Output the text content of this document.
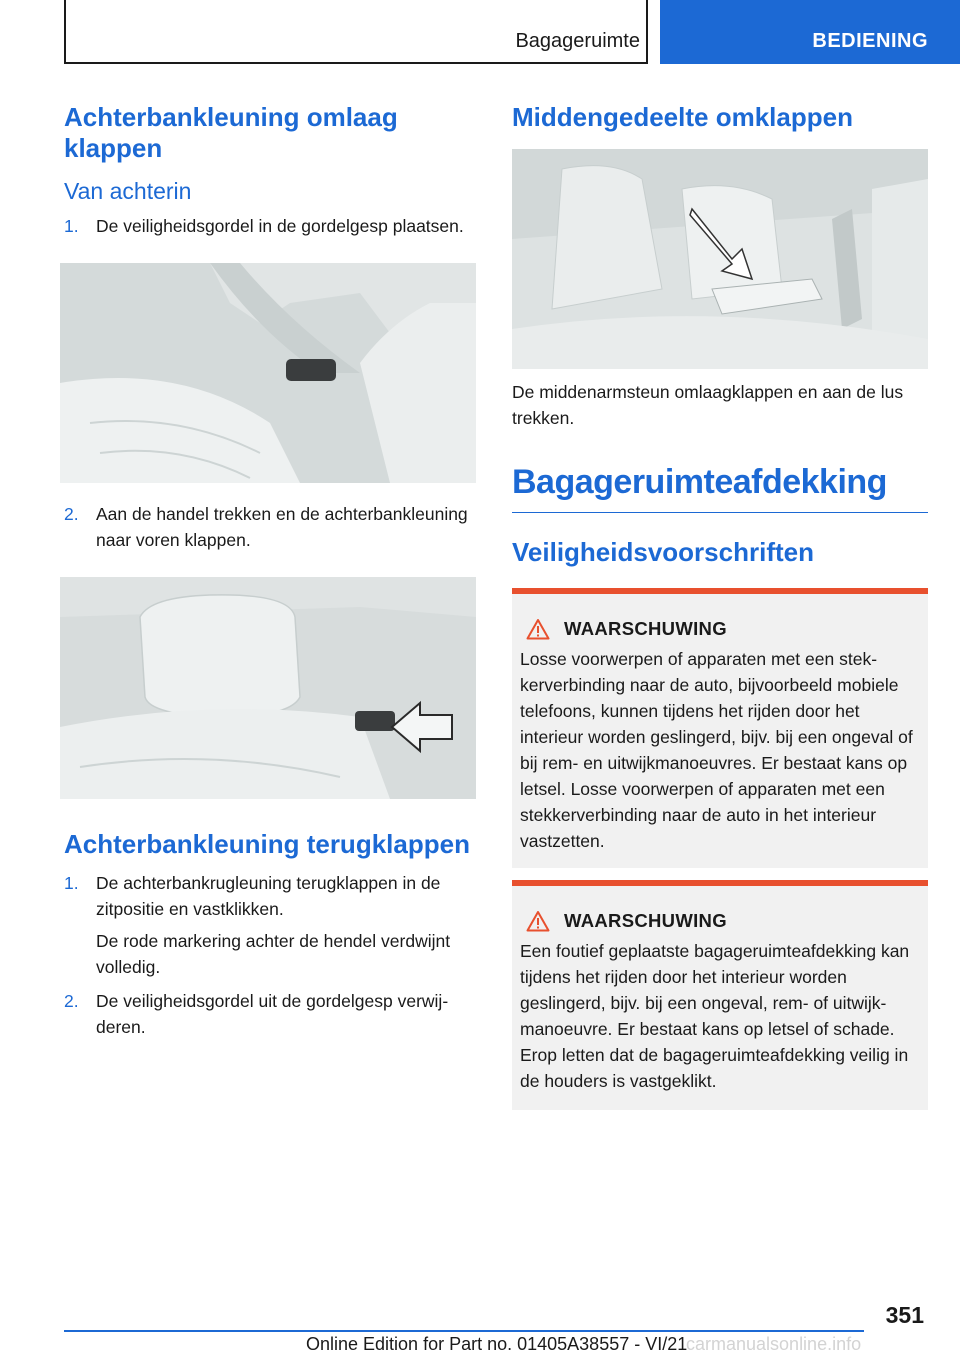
Bagageruimte	BEDIENING
Achterbankleuning omlaag klappen
Van achterin
1. De veiligheidsgordel in de gordelgesp plaatsen.
2. Aan de handel trekken en de achterbankleuning naar voren klappen.
Achterbankleuning terugklappen
1. De achterbankrugleuning terugklappen in de zitpositie en vastklikken.
De rode markering achter de hendel verdwijnt volledig.
2. De veiligheidsgordel uit de gordelgesp verwijderen.
Middengedeelte omklappen

De middenarmsteun omlaagklappen en aan de lus trekken.

Bagageruimteafdekking
Veiligheidsvoorschriften
WAARSCHUWING
Losse voorwerpen of apparaten met een stekkerverbinding naar de auto, bijvoorbeeld mobiele telefoons, kunnen tijdens het rijden door het interieur worden geslingerd, bijv. bij een ongeval of bij rem- en uitwijkmanoeuvres. Er bestaat kans op letsel. Losse voorwerpen of apparaten met een stekkerverbinding naar de auto in het interieur vastzetten.
WAARSCHUWING
Een foutief geplaatste bagageruimteafdekking kan tijdens het rijden door het interieur worden geslingerd, bijv. bij een ongeval, rem- of uitwijkmanoeuvre. Er bestaat kans op letsel of schade. Erop letten dat de bagageruimteafdekking veilig in de houders is vastgeklikt.
351
Online Edition for Part no. 01405A38557 - VI/21
carmanualsonline.info
